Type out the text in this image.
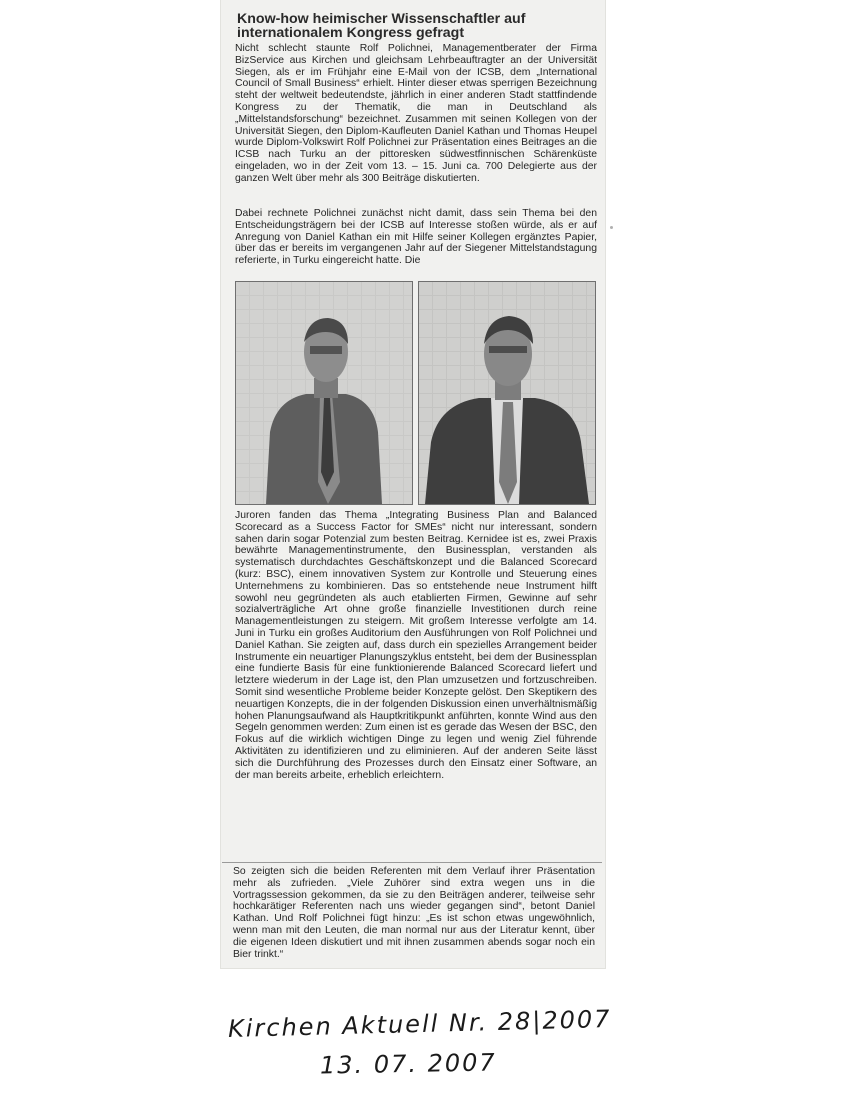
Know-how heimischer Wissenschaftler auf internationalem Kongress gefragt

Nicht schlecht staunte Rolf Polichnei, Managementberater der Firma BizService aus Kirchen und gleichsam Lehrbeauftragter an der Universität Siegen, als er im Frühjahr eine E-Mail von der ICSB, dem „International Council of Small Business“ erhielt. Hinter dieser etwas sperrigen Bezeichnung steht der weltweit bedeutendste, jährlich in einer anderen Stadt stattfindende Kongress zu der Thematik, die man in Deutschland als „Mittelstandsforschung“ bezeichnet. Zusammen mit seinen Kollegen von der Universität Siegen, den Diplom-Kaufleuten Daniel Kathan und Thomas Heupel wurde Diplom-Volkswirt Rolf Polichnei zur Präsentation eines Beitrages an die ICSB nach Turku an der pittoresken südwestfinnischen Schärenküste eingeladen, wo in der Zeit vom 13. – 15. Juni ca. 700 Delegierte aus der ganzen Welt über mehr als 300 Beiträge diskutierten.

Dabei rechnete Polichnei zunächst nicht damit, dass sein Thema bei den Entscheidungsträgern bei der ICSB auf Interesse stoßen würde, als er auf Anregung von Daniel Kathan ein mit Hilfe seiner Kollegen ergänztes Papier, über das er bereits im vergangenen Jahr auf der Siegener Mittelstandstagung referierte, in Turku eingereicht hatte. Die

Juroren fanden das Thema „Integrating Business Plan and Balanced Scorecard as a Success Factor for SMEs“ nicht nur interessant, sondern sahen darin sogar Potenzial zum besten Beitrag. Kernidee ist es, zwei Praxis bewährte Managementinstrumente, den Businessplan, verstanden als systematisch durchdachtes Geschäftskonzept und die Balanced Scorecard (kurz: BSC), einem innovativen System zur Kontrolle und Steuerung eines Unternehmens zu kombinieren. Das so entstehende neue Instrument hilft sowohl neu gegründeten als auch etablierten Firmen, Gewinne auf sehr sozialverträgliche Art ohne große finanzielle Investitionen durch reine Managementleistungen zu steigern. Mit großem Interesse verfolgte am 14. Juni in Turku ein großes Auditorium den Ausführungen von Rolf Polichnei und Daniel Kathan. Sie zeigten auf, dass durch ein spezielles Arrangement beider Instrumente ein neuartiger Planungszyklus entsteht, bei dem der Businessplan eine fundierte Basis für eine funktionierende Balanced Scorecard liefert und letztere wiederum in der Lage ist, den Plan umzusetzen und fortzuschreiben. Somit sind wesentliche Probleme beider Konzepte gelöst. Den Skeptikern des neuartigen Konzepts, die in der folgenden Diskussion einen unverhältnismäßig hohen Planungsaufwand als Hauptkritikpunkt anführten, konnte Wind aus den Segeln genommen werden: Zum einen ist es gerade das Wesen der BSC, den Fokus auf die wirklich wichtigen Dinge zu legen und wenig Ziel führende Aktivitäten zu identifizieren und zu eliminieren. Auf der anderen Seite lässt sich die Durchführung des Prozesses durch den Einsatz einer Software, an der man bereits arbeite, erheblich erleichtern.

So zeigten sich die beiden Referenten mit dem Verlauf ihrer Präsentation mehr als zufrieden. „Viele Zuhörer sind extra wegen uns in die Vortragssession gekommen, da sie zu den Beiträgen anderer, teilweise sehr hochkarätiger Referenten nach uns wieder gegangen sind“, betont Daniel Kathan. Und Rolf Polichnei fügt hinzu: „Es ist schon etwas ungewöhnlich, wenn man mit den Leuten, die man normal nur aus der Literatur kennt, über die eigenen Ideen diskutiert und mit ihnen zusammen abends sogar noch ein Bier trinkt.“

Kirchen Aktuell Nr. 28|2007

13. 07. 2007
